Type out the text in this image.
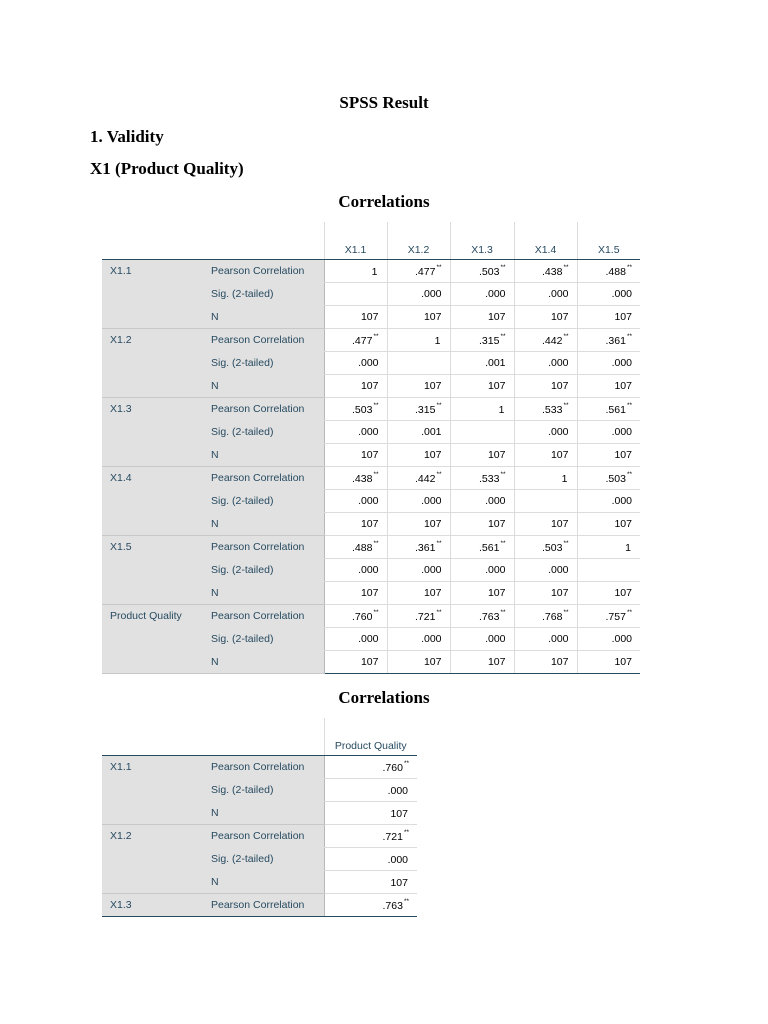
SPSS Result
1. Validity
X1 (Product Quality)
Correlations
		X1.1	X1.2	X1.3	X1.4	X1.5
X1.1	Pearson Correlation	1	.477**	.503**	.438**	.488**
	Sig. (2-tailed)		.000	.000	.000	.000
	N	107	107	107	107	107
X1.2	Pearson Correlation	.477**	1	.315**	.442**	.361**
	Sig. (2-tailed)	.000		.001	.000	.000
	N	107	107	107	107	107
X1.3	Pearson Correlation	.503**	.315**	1	.533**	.561**
	Sig. (2-tailed)	.000	.001		.000	.000
	N	107	107	107	107	107
X1.4	Pearson Correlation	.438**	.442**	.533**	1	.503**
	Sig. (2-tailed)	.000	.000	.000		.000
	N	107	107	107	107	107
X1.5	Pearson Correlation	.488**	.361**	.561**	.503**	1
	Sig. (2-tailed)	.000	.000	.000	.000	
	N	107	107	107	107	107
Product Quality	Pearson Correlation	.760**	.721**	.763**	.768**	.757**
	Sig. (2-tailed)	.000	.000	.000	.000	.000
	N	107	107	107	107	107
Correlations
		Product Quality
X1.1	Pearson Correlation	.760**
	Sig. (2-tailed)	.000
	N	107
X1.2	Pearson Correlation	.721**
	Sig. (2-tailed)	.000
	N	107
X1.3	Pearson Correlation	.763**
